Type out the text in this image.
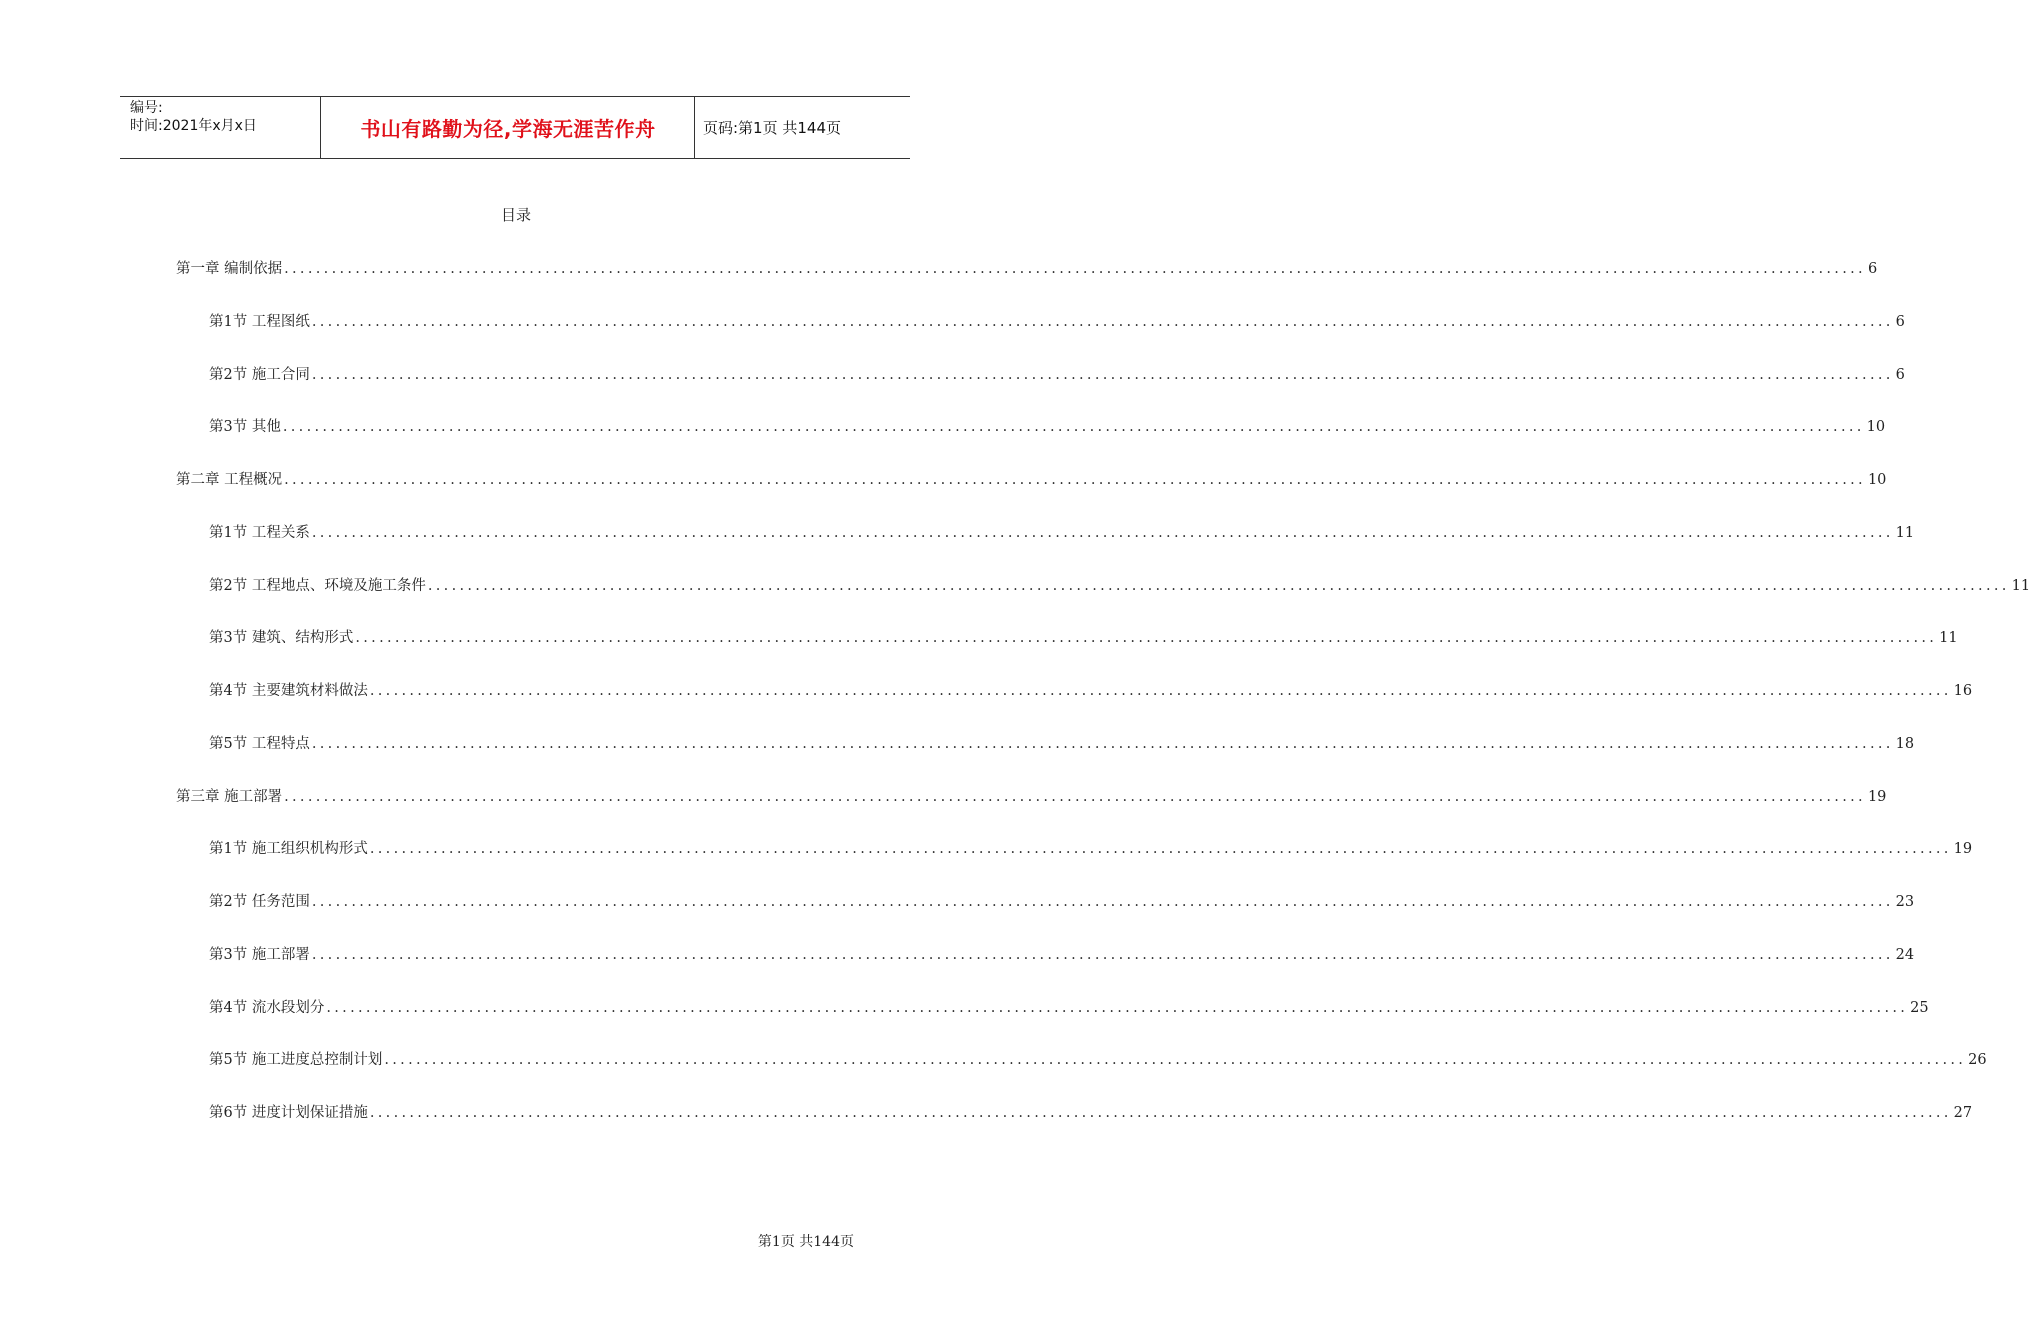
编号:
时间:2021年x月x日	书山有路勤为径,学海无涯苦作舟	页码:第1页 共144页
目录
第一章 编制依据 ........................................................................................................................................................................................................ 6
第1节 工程图纸 ........................................................................................................................................................................................................ 6
第2节 施工合同 ........................................................................................................................................................................................................ 6
第3节 其他 ........................................................................................................................................................................................................ 10
第二章 工程概况 ........................................................................................................................................................................................................ 10
第1节 工程关系 ........................................................................................................................................................................................................ 11
第2节 工程地点、环境及施工条件 ........................................................................................................................................................................................................ 11
第3节 建筑、结构形式 ........................................................................................................................................................................................................ 11
第4节 主要建筑材料做法 ........................................................................................................................................................................................................ 16
第5节 工程特点 ........................................................................................................................................................................................................ 18
第三章 施工部署 ........................................................................................................................................................................................................ 19
第1节 施工组织机构形式 ........................................................................................................................................................................................................ 19
第2节 任务范围 ........................................................................................................................................................................................................ 23
第3节 施工部署 ........................................................................................................................................................................................................ 24
第4节 流水段划分 ........................................................................................................................................................................................................ 25
第5节 施工进度总控制计划 ........................................................................................................................................................................................................ 26
第6节 进度计划保证措施 ........................................................................................................................................................................................................ 27
第1页 共144页
